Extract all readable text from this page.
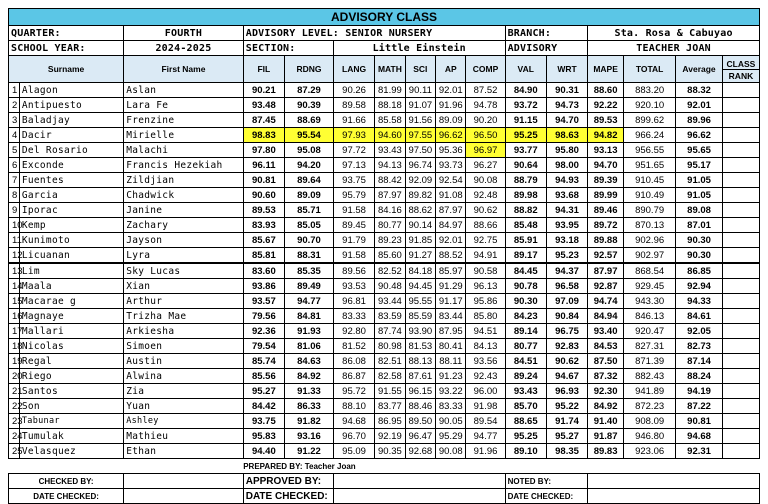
ADVISORY CLASS															
QUARTER:		FOURTH	ADVISORY LEVEL: SENIOR NURSERY							BRANCH:		Sta. Rosa & Cabuyao			
SCHOOL YEAR:		2024-2025	SECTION:		Little Einstein					ADVISORY		TEACHER JOAN			
Surname		First Name	FIL	RDNG	LANG	MATH	SCI	AP	COMP	VAL	WRT	MAPE	TOTAL	Average	CLASS
															RANK
1	Alagon	Aslan	90.21	87.29	90.26	81.99	90.11	92.01	87.52	84.90	90.31	88.60	883.20	88.32	
2	Antipuesto	Lara Fe	93.48	90.39	89.58	88.18	91.07	91.96	94.78	93.72	94.73	92.22	920.10	92.01	
3	Baladjay	Frenzine	87.45	88.69	91.66	85.58	91.56	89.09	90.20	91.15	94.70	89.53	899.62	89.96	
4	Dacir	Mirielle	98.83	95.54	97.93	94.60	97.55	96.62	96.50	95.25	98.63	94.82	966.24	96.62	
5	Del Rosario	Malachi	97.80	95.08	97.72	93.43	97.50	95.36	96.97	93.77	95.80	93.13	956.55	95.65	
6	Exconde	Francis Hezekiah	96.11	94.20	97.13	94.13	96.74	93.73	96.27	90.64	98.00	94.70	951.65	95.17	
7	Fuentes	Zildjian	90.81	89.64	93.75	88.42	92.09	92.54	90.08	88.79	94.93	89.39	910.45	91.05	
8	Garcia	Chadwick	90.60	89.09	95.79	87.97	89.82	91.08	92.48	89.98	93.68	89.99	910.49	91.05	
9	Iporac	Janine	89.53	85.71	91.58	84.16	88.62	87.97	90.62	88.82	94.31	89.46	890.79	89.08	
10	Kemp	Zachary	83.93	85.05	89.45	80.77	90.14	84.97	88.66	85.48	93.95	89.72	870.13	87.01	
11	Kunimoto	Jayson	85.67	90.70	91.79	89.23	91.85	92.01	92.75	85.91	93.18	89.88	902.96	90.30	
12	Licuanan	Lyra	85.81	88.31	91.58	85.60	91.27	88.52	94.91	89.17	95.23	92.57	902.97	90.30	
13	Lim	Sky Lucas	83.60	85.35	89.56	82.52	84.18	85.97	90.58	84.45	94.37	87.97	868.54	86.85	
14	Maala	Xian	93.86	89.49	93.53	90.48	94.45	91.29	96.13	90.78	96.58	92.87	929.45	92.94	
15	Macarae g	Arthur	93.57	94.77	96.81	93.44	95.55	91.17	95.86	90.30	97.09	94.74	943.30	94.33	
16	Magnaye	Trizha Mae	79.56	84.81	83.33	83.59	85.59	83.44	85.80	84.23	90.84	84.94	846.13	84.61	
17	Mallari	Arkiesha	92.36	91.93	92.80	87.74	93.90	87.95	94.51	89.14	96.75	93.40	920.47	92.05	
18	Nicolas	Simoen	79.54	81.06	81.52	80.98	81.53	80.41	84.13	80.77	92.83	84.53	827.31	82.73	
19	Regal	Austin	85.74	84.63	86.08	82.51	88.13	88.11	93.56	84.51	90.62	87.50	871.39	87.14	
20	Riego	Alwina	85.56	84.92	86.87	82.58	87.61	91.23	92.43	89.24	94.67	87.32	882.43	88.24	
21	Santos	Zia	95.27	91.33	95.72	91.55	96.15	93.22	96.00	93.43	96.93	92.30	941.89	94.19	
22	Son	Yuan	84.42	86.33	88.10	83.77	88.46	83.33	91.98	85.70	95.22	84.92	872.23	87.22	
23	Tabunar	Ashley	93.75	91.82	94.68	86.95	89.50	90.05	89.54	88.65	91.74	91.40	908.09	90.81	
24	Tumulak	Mathieu	95.83	93.16	96.70	92.19	96.47	95.29	94.77	95.25	95.27	91.87	946.80	94.68	
25	Velasquez	Ethan	94.40	91.22	95.09	90.35	92.68	90.08	91.96	89.10	98.35	89.83	923.06	92.31	
			PREPARED BY: Teacher Joan												
CHECKED BY:			APPROVED BY:							NOTED BY:					
DATE CHECKED:			DATE CHECKED:							DATE CHECKED:					
